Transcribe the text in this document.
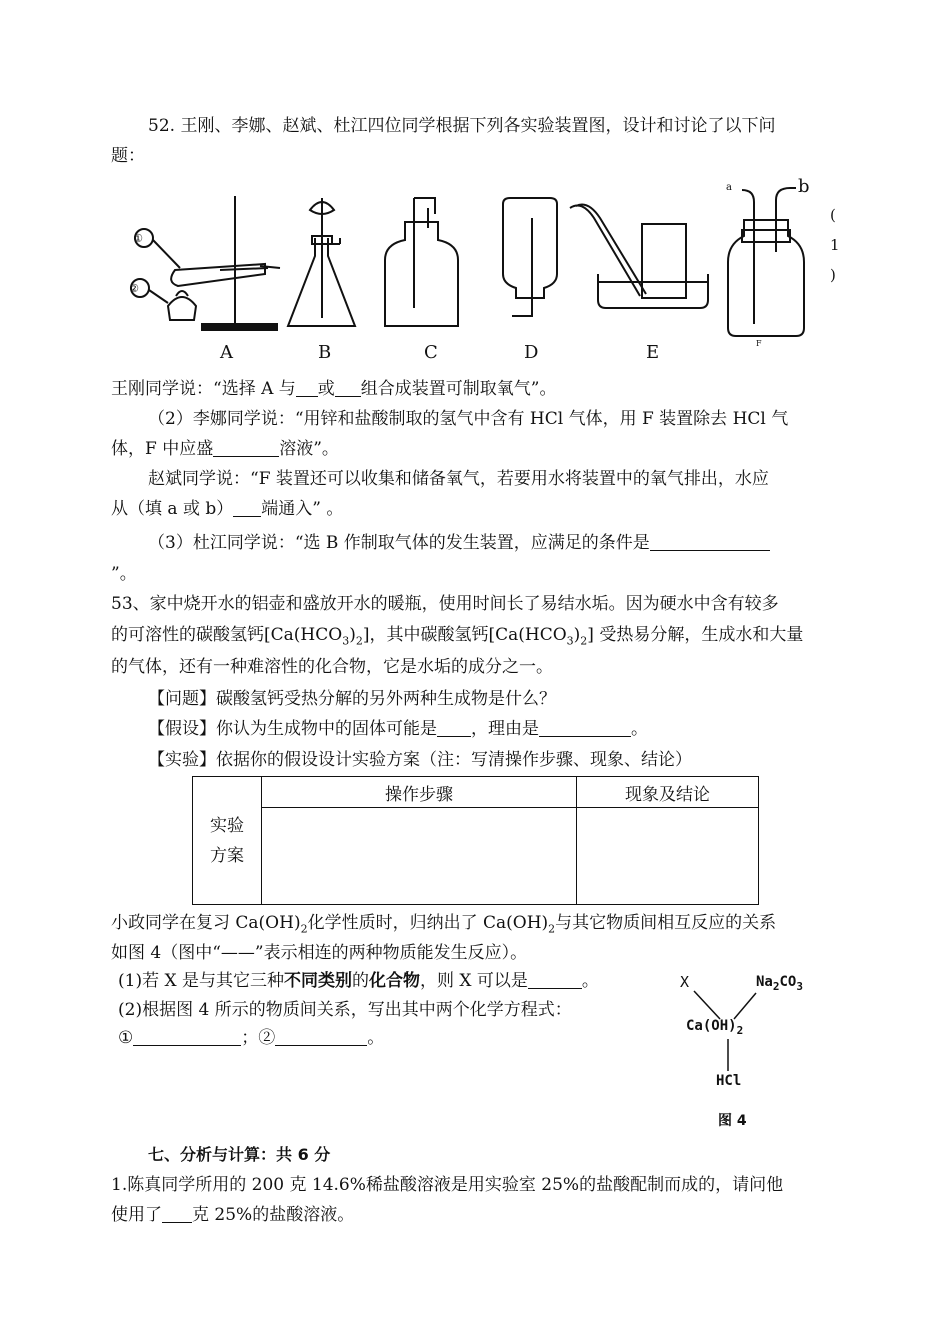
52. 王刚、李娜、赵斌、杜江四位同学根据下列各实验装置图，设计和讨论了以下问
题：
①
②
a	b
A	B	C	D	E	F
(
1
)
王刚同学说：“选择 A 与 或 组合成装置可制取氧气”。
（2）李娜同学说：“用锌和盐酸制取的氢气中含有 HCl 气体，用 F 装置除去 HCl 气
体，F 中应盛	溶液”。
赵斌同学说：“F 装置还可以收集和储备氧气，若要用水将装置中的氧气排出，水应
从（填 a 或 b） 端通入” 。
（3）杜江同学说：“选 B 作制取气体的发生装置，应满足的条件是
”。
53、家中烧开水的铝壶和盛放开水的暖瓶，使用时间长了易结水垢。因为硬水中含有较多
的可溶性的碳酸氢钙$[Ca(HCO_3)_2]$，其中碳酸氢钙$[Ca(HCO_3)_2]$ 受热易分解，生成水和大量
的气体，还有一种难溶性的化合物，它是水垢的成分之一。
【问题】碳酸氢钙受热分解的另外两种生成物是什么？
【假设】你认为生成物中的固体可能是 ，理由是	。
【实验】依据你的假设设计实验方案（注：写清操作步骤、现象、结论）
实验
方案	操作步骤	现象及结论

小政同学在复习 $Ca(OH)_2$化学性质时，归纳出了 $Ca(OH)_2$与其它物质间相互反应的关系
如图 4（图中“——”表示相连的两种物质能发生反应）。
(1)若 X 是与其它三种不同类别的化合物，则 X 可以是	。
(2)根据图 4 所示的物质间关系，写出其中两个化学方程式：
①	；②	。
X	$Na_2CO_3$
$Ca(OH)_2$
HCl
图 4
七、分析与计算：共 6 分
1.陈真同学所用的 200 克 14.6%稀盐酸溶液是用实验室 25%的盐酸配制而成的，请问他
使用了 克 25%的盐酸溶液。
